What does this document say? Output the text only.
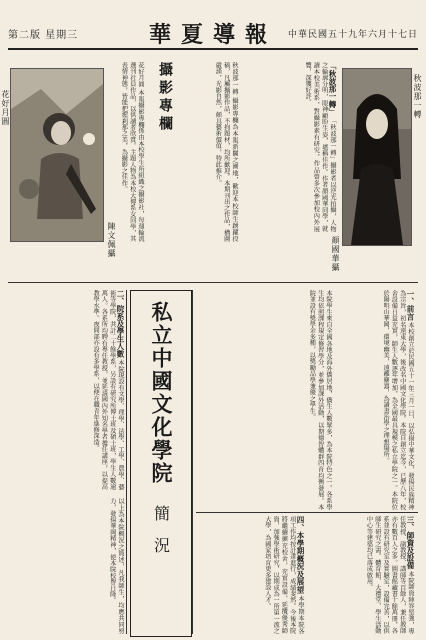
第二版 星期三	華夏導報 中華民國五十九年六月十七日
花好月圓
陳文佩攝
秋波那一轉
顏國華攝
花好月圓 本報攝影專欄係由本校學生所組織之攝影社，每週輪流選刊社員作品，以供讀者欣賞。主題人物為本校大傳系女同學，其表情神態，皆能把握剎那之美，為攝影之佳作。	攝影專欄	秋波那一轉 攝影專欄為本報新闢之園地，歡迎本校師生踴躍投稿，凡屬攝影作品，不拘題材，均所歡迎。本期刊出之作品，構圖嚴謹，光影自然，頗具藝術價值，特此推介。	「秋波那一轉」 「秋波那一轉」攝影者以逆光拍攝，人物之輪廓分明，眼神顧盼生姿，堪稱佳作。作者顏國華同學，就讀本校美術系，對攝影素有研究，作品曾多次參加校內外展覽，深獲好評。
一、前言 本校創立於民國五十一年三月一日，以弘揚中華文化，發揚民族精神為宗旨，初名遠東大學，後改名中國文化學院。本院自創立迄今，已歷八年，校舍設備日益充實，師生人數逐年增加，為全國最具規模之私立學院之一。本院位於陽明山華岡，環境幽美，遠離塵囂，為讀書治學之理想場所。
本院學生來自全國各地及海外僑居地，僑生人數眾多，為本院特色之一。各系學生均依照課程規定修習學分，並參加課外活動，以期德智體群四育均衡發展。本院並設有獎學金多種，以獎勵品學兼優之學生。
三、師資及設備 本院師資陣容堅強，專任教授、副教授、講師等百餘人，兼任教師亦有數百人之多。圖書館藏書十餘萬冊，各系並設有研究室及實驗室，設備完善，以供師生研究之需。體育館、大禮堂、學生活動中心等建築均已落成啟用。
四、本學期概況及展望 本學期本院各項工作均按計畫進行，成績斐然。今後本院將繼續擴充校舍，充實設備，延攬優秀師資，加強學術研究，以期成為一所第一流之大學，為國家培育更多建設人才。
私立中國文化學院
簡況
二、院系及學生人數 本院現設有文學、理學、法學、工學、農學、藝術等學院，共計二十餘學系，另設有研究所博士班及碩士班，學生人數逾萬人。各系所均聘有專任教授，並延請國內外知名學者擔任講座，以提高教學水準。夜間部亦設有多學系，以便在職青年進修深造。
以上為本院概況之簡述，凡我師生，均應共同努力，發揚華岡精神，使本院校譽日隆。
